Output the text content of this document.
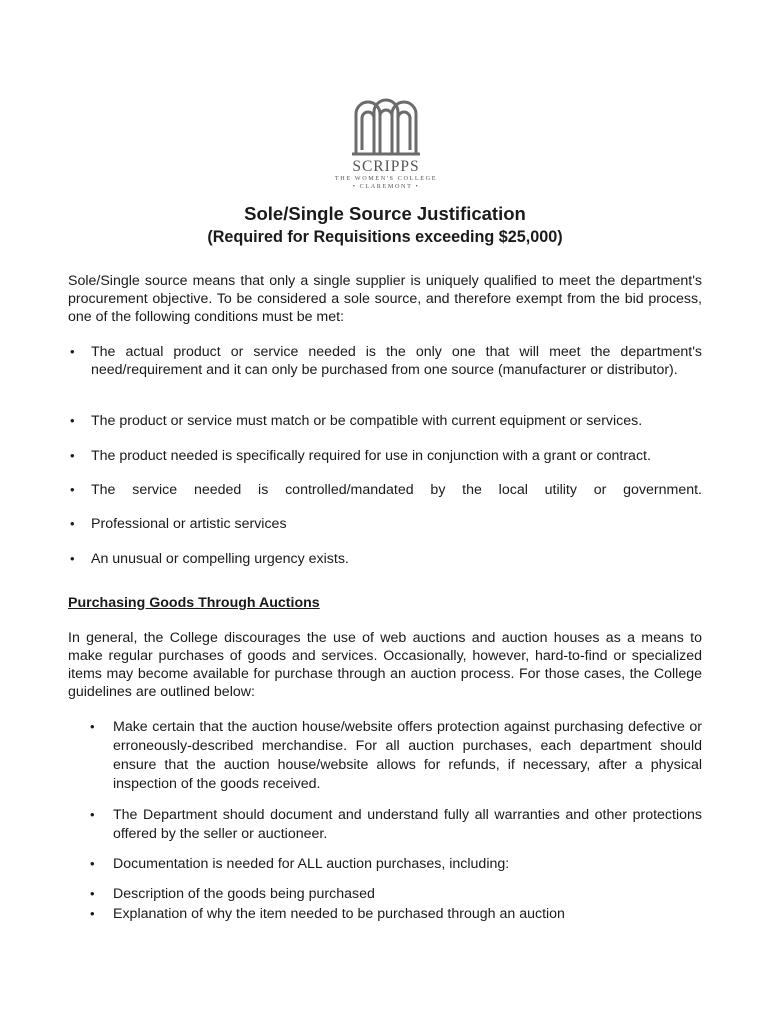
SCRIPPS
THE WOMEN'S COLLEGE
• CLAREMONT •
Sole/Single Source Justification
(Required for Requisitions exceeding $25,000)
Sole/Single source means that only a single supplier is uniquely qualified to meet the department's procurement objective. To be considered a sole source, and therefore exempt from the bid process, one of the following conditions must be met:
• The actual product or service needed is the only one that will meet the department's need/requirement and it can only be purchased from one source (manufacturer or distributor).
• The product or service must match or be compatible with current equipment or services.
• The product needed is specifically required for use in conjunction with a grant or contract.
• The service needed is controlled/mandated by the local utility or government.
• Professional or artistic services
• An unusual or compelling urgency exists.
Purchasing Goods Through Auctions
In general, the College discourages the use of web auctions and auction houses as a means to make regular purchases of goods and services. Occasionally, however, hard-to-find or specialized items may become available for purchase through an auction process. For those cases, the College guidelines are outlined below:
• Make certain that the auction house/website offers protection against purchasing defective or erroneously-described merchandise. For all auction purchases, each department should ensure that the auction house/website allows for refunds, if necessary, after a physical inspection of the goods received.
• The Department should document and understand fully all warranties and other protections offered by the seller or auctioneer.
• Documentation is needed for ALL auction purchases, including:
• Description of the goods being purchased
• Explanation of why the item needed to be purchased through an auction
